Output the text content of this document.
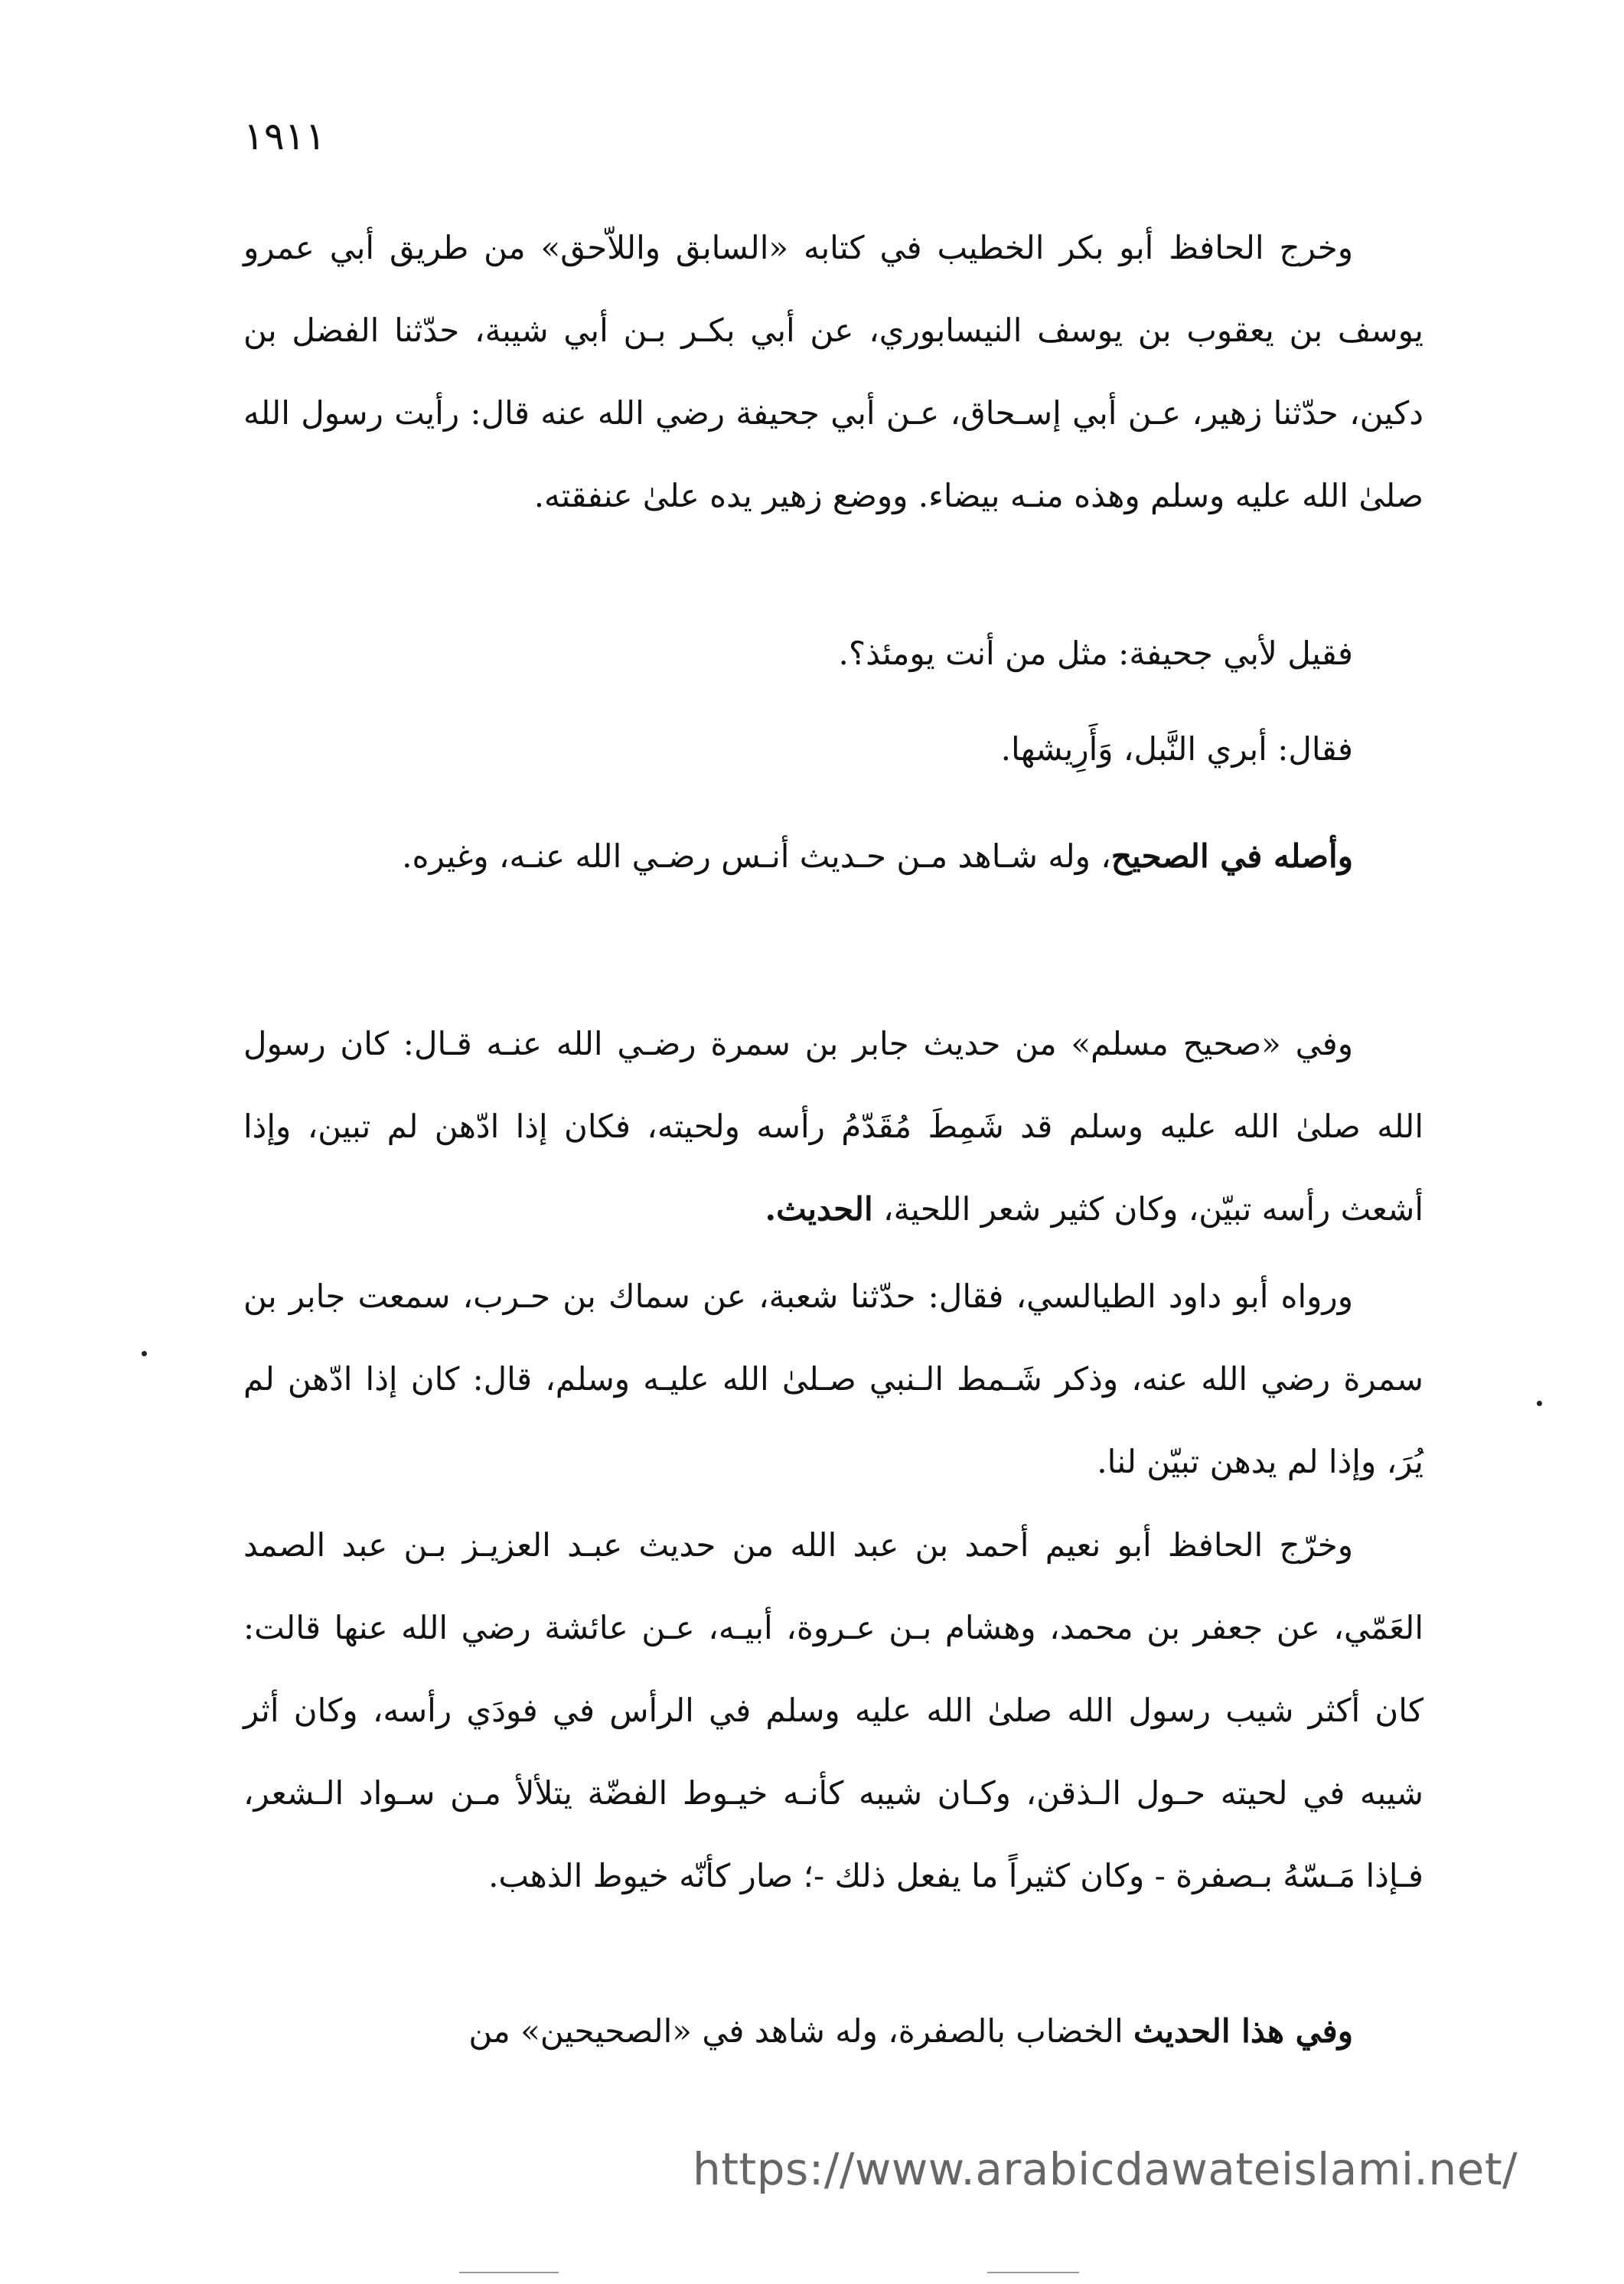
١٩١١

وخرج الحافظ أبو بكر الخطيب في كتابه «السابق واللاّحق» من طريق أبي عمرو يوسف بن يعقوب بن يوسف النيسابوري، عن أبي بكـر بـن أبي شيبة، حدّثنا الفضل بن دكين، حدّثنا زهير، عـن أبي إسـحاق، عـن أبي جحيفة رضي الله عنه قال: رأيت رسول الله صلىٰ الله عليه وسلم وهذه منـه بيضاء. ووضع زهير يده علىٰ عنفقته.

فقيل لأبي جحيفة: مثل من أنت يومئذ؟.

فقال: أبري النَّبل، وَأَرِيشها.

وأصله في الصحيح، وله شـاهد مـن حـديث أنـس رضـي الله عنـه، وغيره.

وفي «صحيح مسلم» من حديث جابر بن سمرة رضـي الله عنـه قـال: كان رسول الله صلىٰ الله عليه وسلم قد شَمِطَ مُقَدّمُ رأسه ولحيته، فكان إذا ادّهن لم تبين، وإذا أشعث رأسه تبيّن، وكان كثير شعر اللحية، الحديث.

ورواه أبو داود الطيالسي، فقال: حدّثنا شعبة، عن سماك بن حـرب، سمعت جابر بن سمرة رضي الله عنه، وذكر شَـمط الـنبي صـلىٰ الله عليـه وسلم، قال: كان إذا ادّهن لم يُرَ، وإذا لم يدهن تبيّن لنا.

وخرّج الحافظ أبو نعيم أحمد بن عبد الله من حديث عبـد العزيـز بـن عبد الصمد العَمّي، عن جعفر بن محمد، وهشام بـن عـروة، أبيـه، عـن عائشة رضي الله عنها قالت: كان أكثر شيب رسول الله صلىٰ الله عليه وسلم في الرأس في فودَي رأسه، وكان أثر شيبه في لحيته حـول الـذقن، وكـان شيبه كأنـه خيـوط الفضّة يتلألأ مـن سـواد الـشعر، فـإذا مَـسّهُ بـصفرة - وكان كثيراً ما يفعل ذلك -؛ صار كأنّه خيوط الذهب.

وفي هذا الحديث الخضاب بالصفرة، وله شاهد في «الصحيحين» من

https://www.arabicdawateislami.net/
